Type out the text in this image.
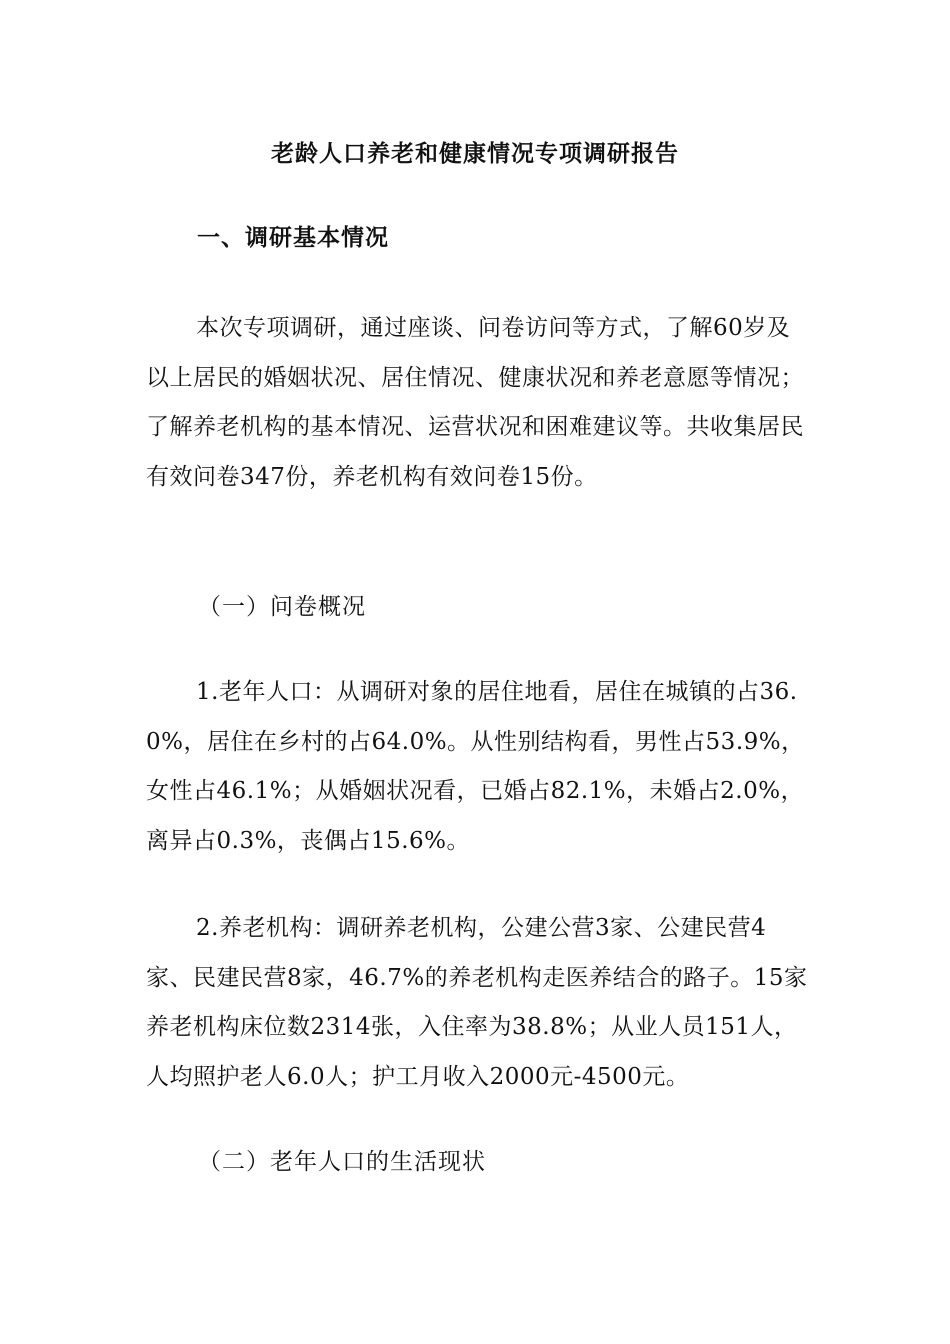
老龄人口养老和健康情况专项调研报告
一、调研基本情况

本次专项调研，通过座谈、问卷访问等方式，了解60岁及以上居民的婚姻状况、居住情况、健康状况和养老意愿等情况；了解养老机构的基本情况、运营状况和困难建议等。共收集居民有效问卷347份，养老机构有效问卷15份。

（一）问卷概况

1.老年人口：从调研对象的居住地看，居住在城镇的占36.0%，居住在乡村的占64.0%。从性别结构看，男性占53.9%，女性占46.1%；从婚姻状况看，已婚占82.1%，未婚占2.0%，离异占0.3%，丧偶占15.6%。

2.养老机构：调研养老机构，公建公营3家、公建民营4家、民建民营8家，46.7%的养老机构走医养结合的路子。15家养老机构床位数2314张，入住率为38.8%；从业人员151人，人均照护老人6.0人；护工月收入2000元-4500元。

（二）老年人口的生活现状
